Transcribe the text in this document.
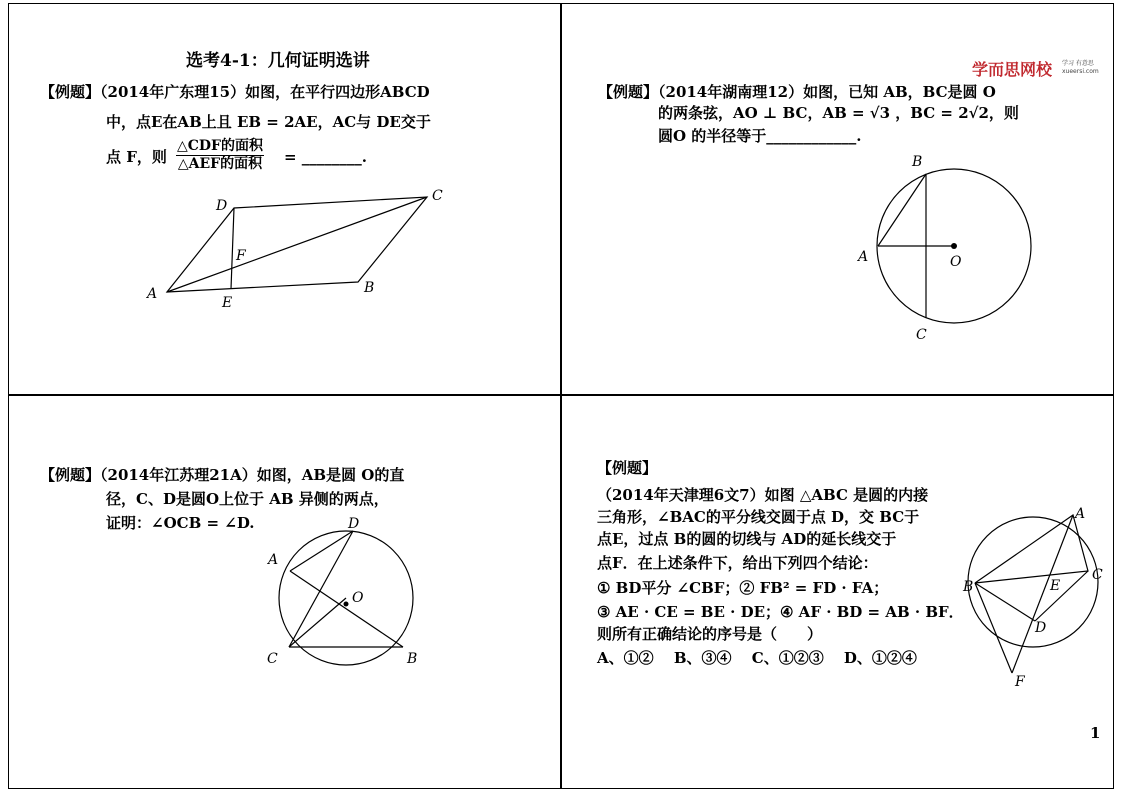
选考4-1：几何证明选讲
【例题】（2014年广东理15）如图，在平行四边形ABCD
中，点E在AB上且 EB = 2AE，AC与 DE交于
点 F，则
△CDF的面积
△AEF的面积 = ________.
学而思网校 学习 有意思
xueersi.com
【例题】（2014年湖南理12）如图，已知 AB，BC是圆 O
的两条弦，AO ⊥ BC，AB = √3 ，BC = 2√2，则
圆O 的半径等于____________.
【例题】（2014年江苏理21A）如图，AB是圆 O的直
径，C、D是圆O上位于 AB 异侧的两点，
证明：∠OCB = ∠D.
【例题】
（2014年天津理6文7）如图 △ABC 是圆的内接
三角形，∠BAC的平分线交圆于点 D，交 BC于
点E，过点 B的圆的切线与 AD的延长线交于
点F．在上述条件下，给出下列四个结论：
① BD平分 ∠CBF；② FB² = FD · FA；
③ AE · CE = BE · DE；④ AF · BD = AB · BF．
则所有正确结论的序号是（　　）
A、①②　 B、③④　 C、①②③　 D、①②④
1
A	B
C
D
E
F	A
B
C
O
A
B
C
D
O
A
B
C
D
E
F
